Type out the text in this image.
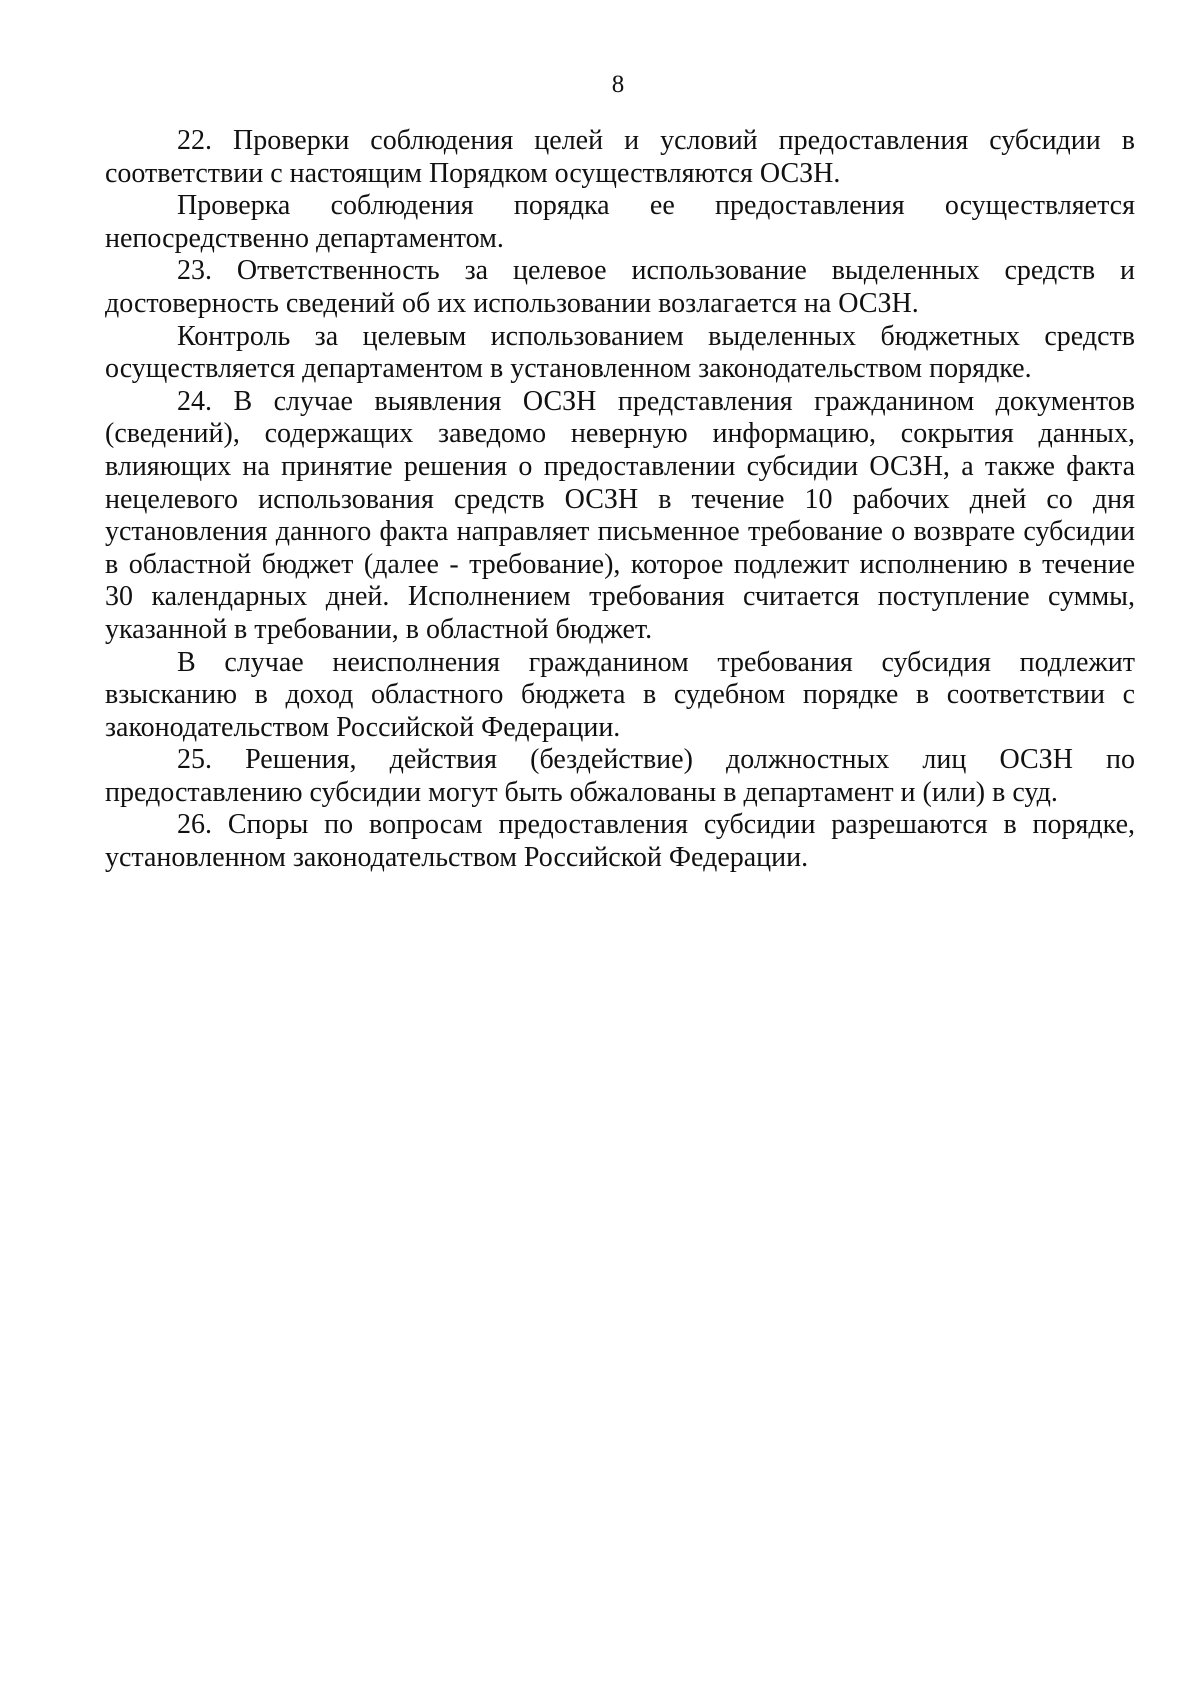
8

22. Проверки соблюдения целей и условий предоставления субсидии в соответствии с настоящим Порядком осуществляются ОСЗН.

Проверка соблюдения порядка ее предоставления осуществляется непосредственно департаментом.

23. Ответственность за целевое использование выделенных средств и достоверность сведений об их использовании возлагается на ОСЗН.

Контроль за целевым использованием выделенных бюджетных средств осуществляется департаментом в установленном законодательством порядке.

24. В случае выявления ОСЗН представления гражданином документов (сведений), содержащих заведомо неверную информацию, сокрытия данных, влияющих на принятие решения о предоставлении субсидии ОСЗН, а также факта нецелевого использования средств ОСЗН в течение 10 рабочих дней со дня установления данного факта направляет письменное требование о возврате субсидии в областной бюджет (далее - требование), которое подлежит исполнению в течение 30 календарных дней. Исполнением требования считается поступление суммы, указанной в требовании, в областной бюджет.

В случае неисполнения гражданином требования субсидия подлежит взысканию в доход областного бюджета в судебном порядке в соответствии с законодательством Российской Федерации.

25. Решения, действия (бездействие) должностных лиц ОСЗН по предоставлению субсидии могут быть обжалованы в департамент и (или) в суд.

26. Споры по вопросам предоставления субсидии разрешаются в порядке, установленном законодательством Российской Федерации.
